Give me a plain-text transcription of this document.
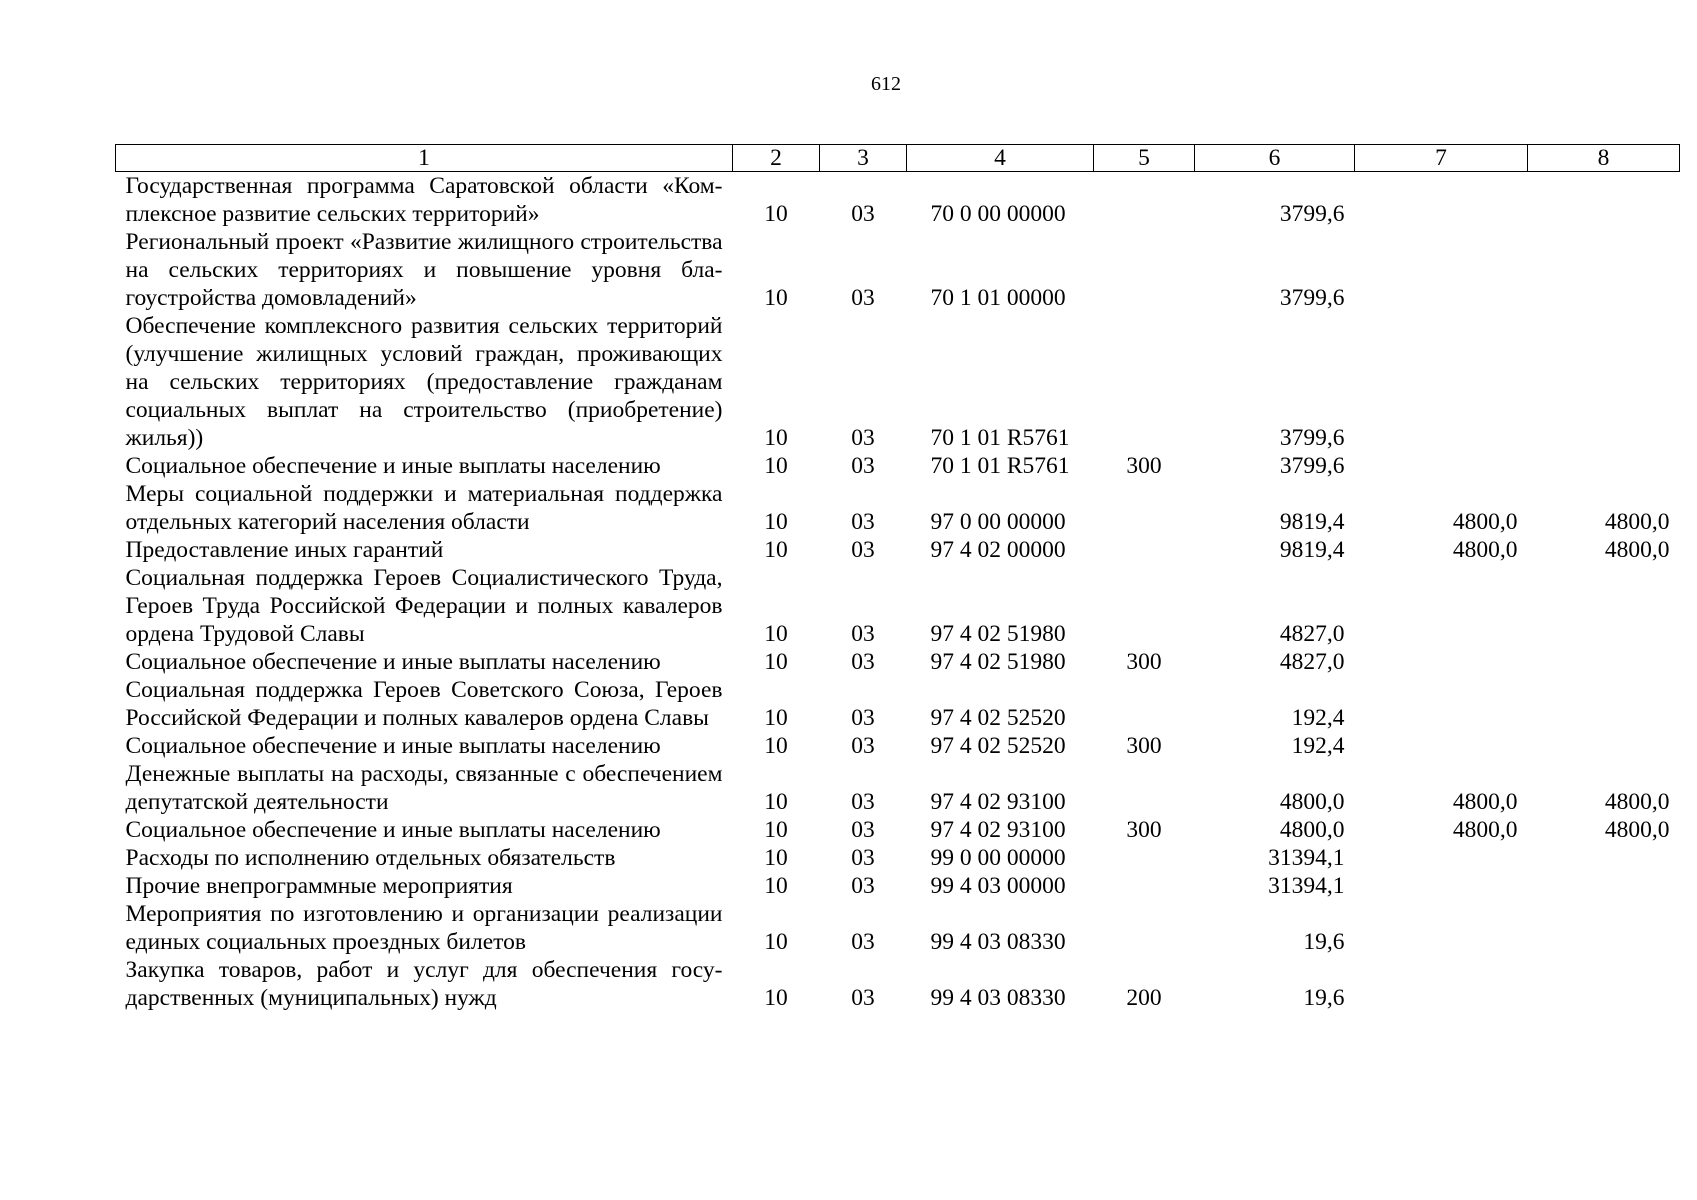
612
1	2	3	4	5	6	7	8
Государственная программа Саратовской области «Комплексное развитие сельских территорий»	10	03	70 0 00 00000		3799,6		
Региональный проект «Развитие жилищного строительства на сельских территориях и повышение уровня благоустройства домовладений»	10	03	70 1 01 00000		3799,6		
Обеспечение комплексного развития сельских территорий (улучшение жилищных условий граждан, проживающих на сельских территориях (предоставление гражданам социальных выплат на строительство (приобретение) жилья))	10	03	70 1 01 R5761		3799,6		
Социальное обеспечение и иные выплаты населению	10	03	70 1 01 R5761	300	3799,6		
Меры социальной поддержки и материальная поддержка отдельных категорий населения области	10	03	97 0 00 00000		9819,4	4800,0	4800,0
Предоставление иных гарантий	10	03	97 4 02 00000		9819,4	4800,0	4800,0
Социальная поддержка Героев Социалистического Труда, Героев Труда Российской Федерации и полных кавалеров ордена Трудовой Славы	10	03	97 4 02 51980		4827,0		
Социальное обеспечение и иные выплаты населению	10	03	97 4 02 51980	300	4827,0		
Социальная поддержка Героев Советского Союза, Героев Российской Федерации и полных кавалеров ордена Славы	10	03	97 4 02 52520		192,4		
Социальное обеспечение и иные выплаты населению	10	03	97 4 02 52520	300	192,4		
Денежные выплаты на расходы, связанные с обеспечением депутатской деятельности	10	03	97 4 02 93100		4800,0	4800,0	4800,0
Социальное обеспечение и иные выплаты населению	10	03	97 4 02 93100	300	4800,0	4800,0	4800,0
Расходы по исполнению отдельных обязательств	10	03	99 0 00 00000		31394,1		
Прочие внепрограммные мероприятия	10	03	99 4 03 00000		31394,1		
Мероприятия по изготовлению и организации реализации единых социальных проездных билетов	10	03	99 4 03 08330		19,6		
Закупка товаров, работ и услуг для обеспечения государственных (муниципальных) нужд	10	03	99 4 03 08330	200	19,6		
